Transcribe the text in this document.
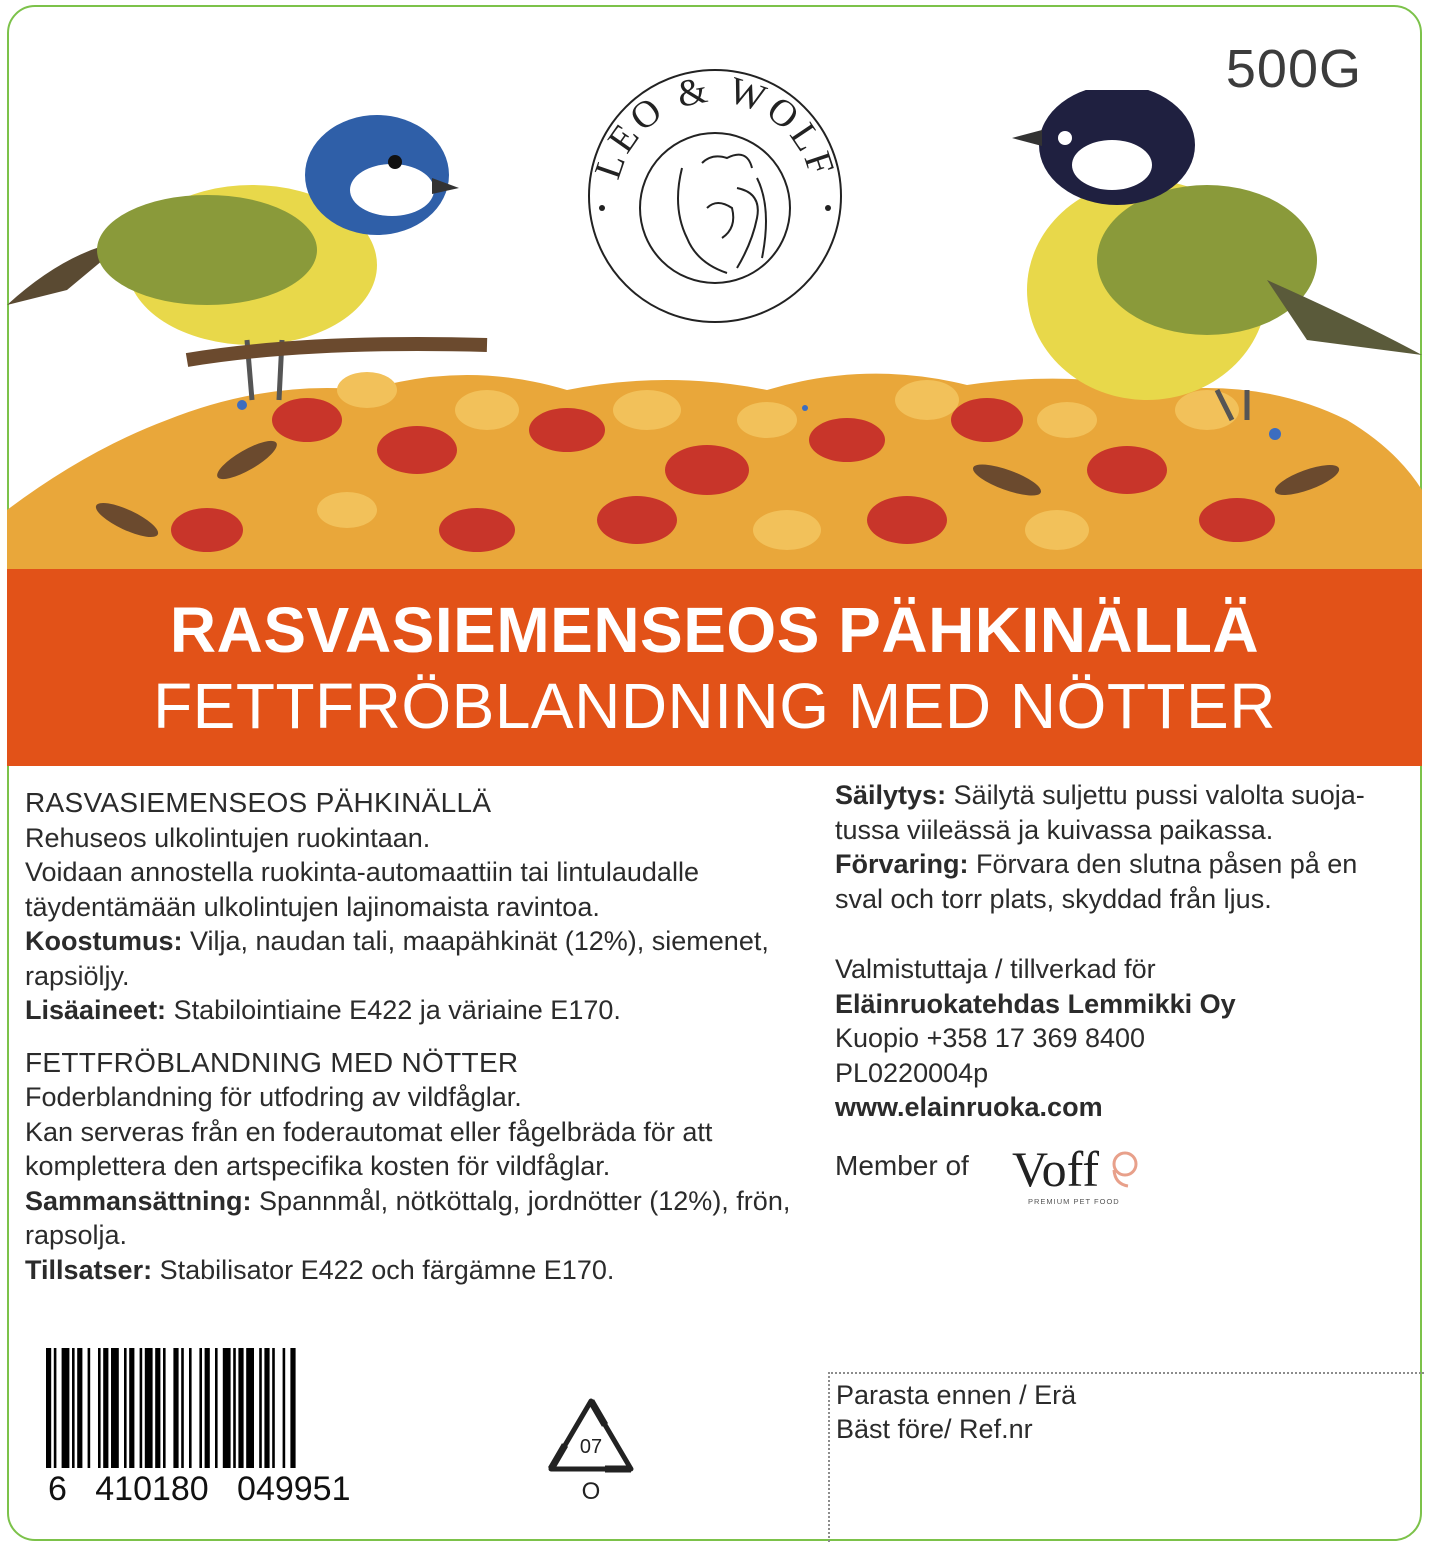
500G
LEO & WOLF
RASVASIEMENSEOS PÄHKINÄLLÄ
FETTFRÖBLANDNING MED NÖTTER
RASVASIEMENSEOS PÄHKINÄLLÄ

Rehuseos ulkolintujen ruokintaan.

Voidaan annostella ruokinta-automaattiin tai lintulaudalle täydentämään ulkolintujen lajinomaista ravintoa.

Koostumus: Vilja, naudan tali, maapähkinät (12%), siemenet, rapsiöljy.

Lisäaineet: Stabilointiaine E422 ja väriaine E170.

FETTFRÖBLANDNING MED NÖTTER

Foderblandning för utfodring av vildfåglar.

Kan serveras från en foderautomat eller fågelbräda för att komplettera den artspecifika kosten för vildfåglar.

Sammansättning: Spannmål, nötköttalg, jordnötter (12%), frön, rapsolja.

Tillsatser: Stabilisator E422 och färgämne E170.

Säilytys: Säilytä suljettu pussi valolta suoja-tussa viileässä ja kuivassa paikassa.

Förvaring: Förvara den slutna påsen på en sval och torr plats, skyddad från ljus.

Valmistuttaja / tillverkad för

Eläinruokatehdas Lemmikki Oy

Kuopio +358 17 369 8400

PL0220004p

www.elainruoka.com

Member of Voff
PREMIUM PET FOOD
6   410180   049951
07
O
Parasta ennen / Erä
Bäst före/ Ref.nr
